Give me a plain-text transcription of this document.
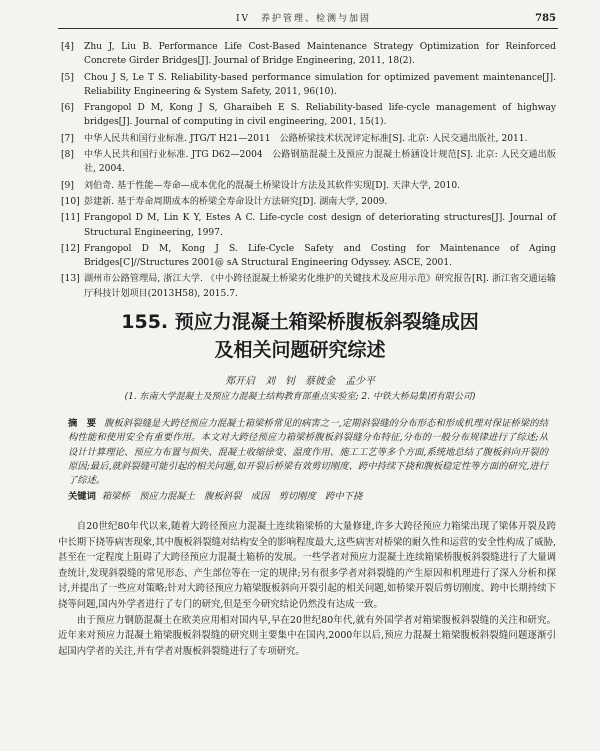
IV　养护管理、检测与加固	785
[4] Zhu J, Liu B. Performance Life Cost-Based Maintenance Strategy Optimization for Reinforced Concrete Girder Bridges[J]. Journal of Bridge Engineering, 2011, 18(2).
[5] Chou J S, Le T S. Reliability-based performance simulation for optimized pavement maintenance[J]. Reliability Engineering & System Safety, 2011, 96(10).
[6] Frangopol D M, Kong J S, Gharaibeh E S. Reliability-based life-cycle management of highway bridges[J]. Journal of computing in civil engineering, 2001, 15(1).
[7] 中华人民共和国行业标准. JTG/T H21—2011　公路桥梁技术状况评定标准[S]. 北京: 人民交通出版社, 2011.
[8] 中华人民共和国行业标准. JTG D62—2004　公路钢筋混凝土及预应力混凝土桥涵设计规范[S]. 北京: 人民交通出版社, 2004.
[9] 刘伯奇. 基于性能—寿命—成本优化的混凝土桥梁设计方法及其软件实现[D]. 天津大学, 2010.
[10] 彭建新. 基于寿命周期成本的桥梁全寿命设计方法研究[D]. 湖南大学, 2009.
[11] Frangopol D M, Lin K Y, Estes A C. Life-cycle cost design of deteriorating structures[J]. Journal of Structural Engineering, 1997.
[12] Frangopol D M, Kong J S. Life-Cycle Safety and Costing for Maintenance of Aging Bridges[C]//Structures 2001@ sA Structural Engineering Odyssey. ASCE, 2001.
[13] 湖州市公路管理局, 浙江大学. 《中小跨径混凝土桥梁劣化维护的关键技术及应用示范》研究报告[R]. 浙江省交通运输厅科技计划项目(2013H58), 2015.7.
155. 预应力混凝土箱梁桥腹板斜裂缝成因
及相关问题研究综述
郑开启　刘　钊　蔡彼金　孟少平
(1. 东南大学混凝土及预应力混凝土结构教育部重点实验室; 2. 中铁大桥局集团有限公司)
摘　要 腹板斜裂缝是大跨径预应力混凝土箱梁桥常见的病害之一,定期斜裂缝的分布形态和形成机理对保证桥梁的结构性能和使用安全有重要作用。本文对大跨径预应力箱梁桥腹板斜裂缝分布特征,分布的一般分布规律进行了综述;从设计计算理论、预应力布置与损失、混凝土收缩徐变、温度作用、施工工艺等多个方面,系统地总结了腹板斜向开裂的原因;最后,就斜裂缝可能引起的相关问题,如开裂后桥梁有效剪切刚度、跨中持续下挠和腹板稳定性等方面的研究,进行了综述。
关键词 箱梁桥　预应力混凝土　腹板斜裂　成因　剪切刚度　跨中下挠

自20世纪80年代以来,随着大跨径预应力混凝土连续箱梁桥的大量修建,许多大跨径预应力箱梁出现了梁体开裂及跨中长期下挠等病害现象,其中腹板斜裂缝对结构安全的影响程度最大,这些病害对桥梁的耐久性和运营的安全性构成了威胁,甚至在一定程度上阻碍了大跨径预应力混凝土箱桥的发展。一些学者对预应力混凝土连续箱梁桥腹板斜裂缝进行了大量调查统计,发现斜裂缝的常见形态、产生部位等在一定的规律;另有很多学者对斜裂缝的产生原因和机理进行了深入分析和探讨,并提出了一些应对策略;针对大跨径预应力箱梁腹板斜向开裂引起的相关问题,如桥梁开裂后剪切刚度、跨中长期持续下挠等问题,国内外学者进行了专门的研究,但是至今研究结论仍然没有达成一致。

由于预应力钢筋混凝土在欧美应用相对国内早,早在20世纪80年代,就有外国学者对箱梁腹板斜裂缝的关注和研究。近年来对预应力混凝土箱梁腹板斜裂缝的研究则主要集中在国内,2000年以后,预应力混凝土箱梁腹板斜裂缝问题逐渐引起国内学者的关注,并有学者对腹板斜裂缝进行了专项研究。
